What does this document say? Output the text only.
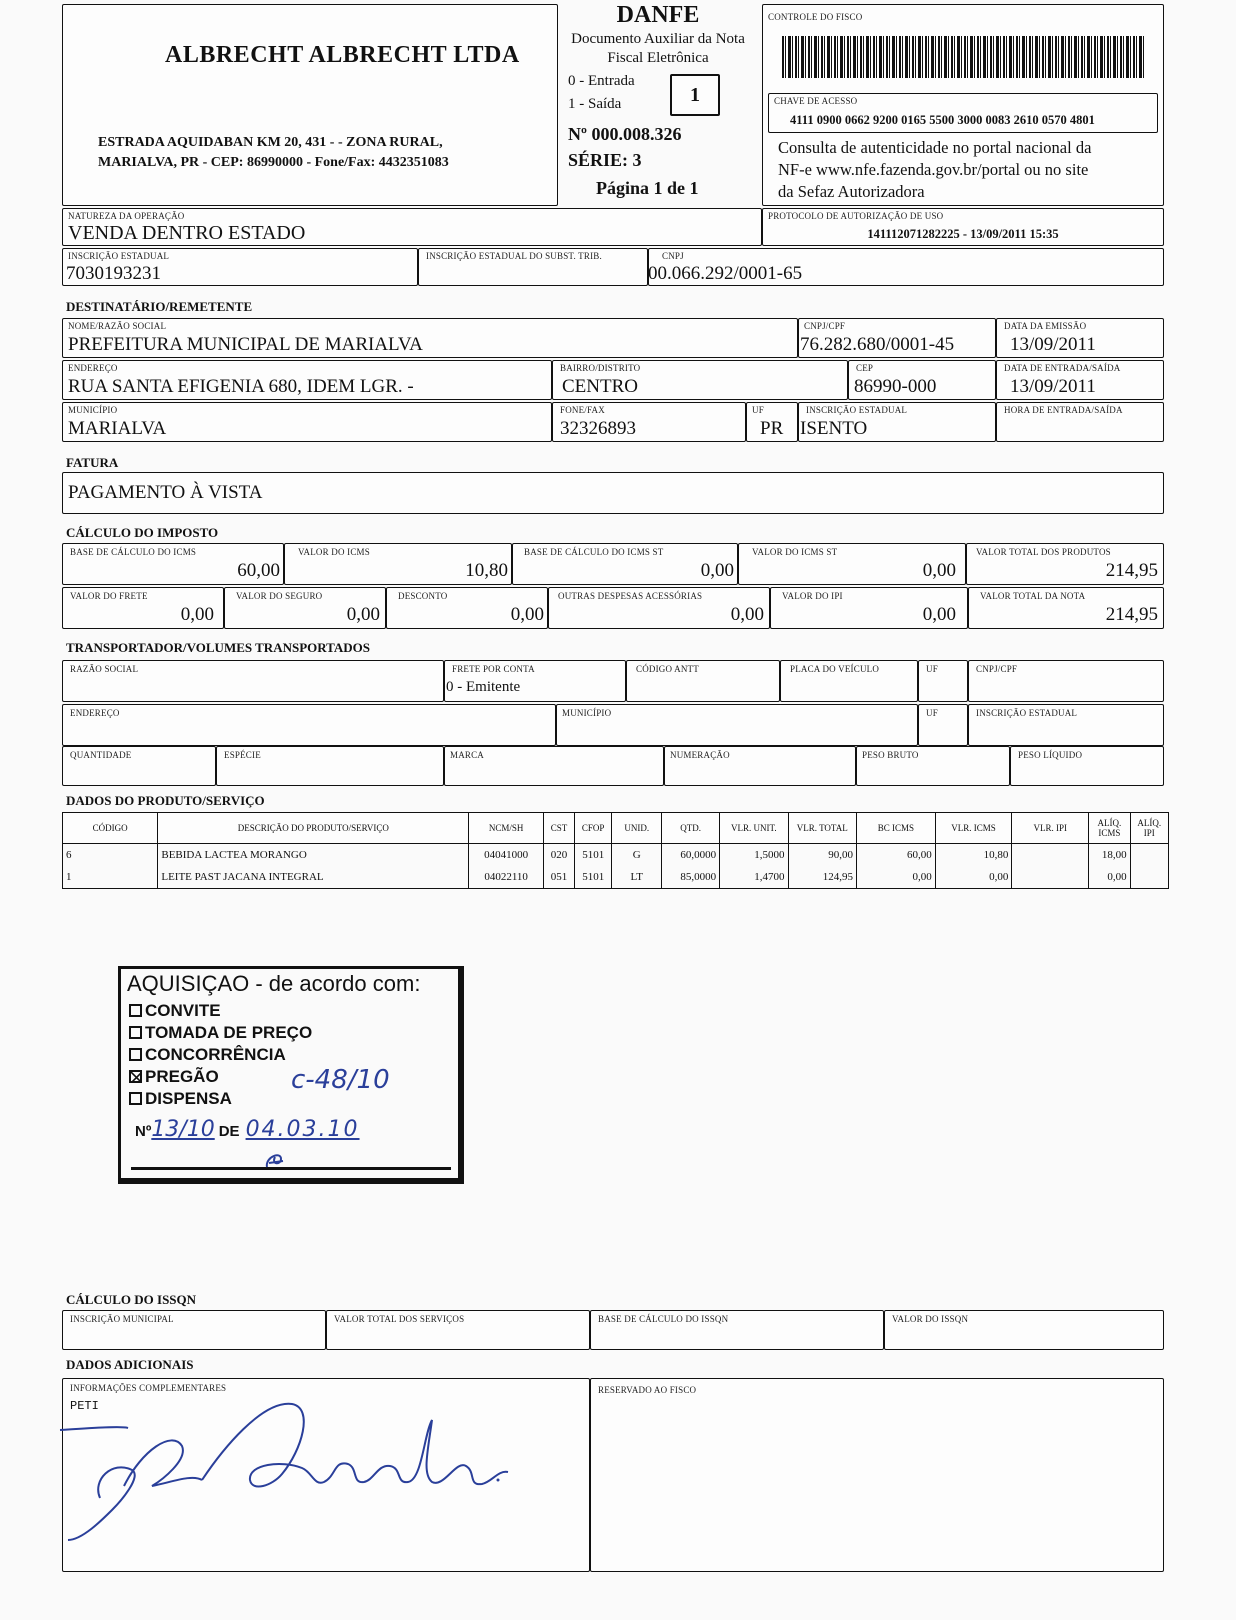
ALBRECHT ALBRECHT LTDA
ESTRADA AQUIDABAN KM 20, 431 - - ZONA RURAL,
MARIALVA, PR - CEP: 86990000 - Fone/Fax: 4432351083
DANFE
Documento Auxiliar da Nota
Fiscal Eletrônica
0 - Entrada
1 - Saída	1
Nº 000.008.326
SÉRIE: 3
Página 1 de 1
CONTROLE DO FISCO
CHAVE DE ACESSO
4111 0900 0662 9200 0165 5500 3000 0083 2610 0570 4801
Consulta de autenticidade no portal nacional da
NF-e www.nfe.fazenda.gov.br/portal ou no site
da Sefaz Autorizadora
NATUREZA DA OPERAÇÃO
VENDA DENTRO ESTADO
PROTOCOLO DE AUTORIZAÇÃO DE USO
141112071282225 - 13/09/2011 15:35
INSCRIÇÃO ESTADUAL
7030193231
INSCRIÇÃO ESTADUAL DO SUBST. TRIB.	CNPJ
00.066.292/0001-65
DESTINATÁRIO/REMETENTE
NOME/RAZÃO SOCIAL
PREFEITURA MUNICIPAL DE MARIALVA
CNPJ/CPF
76.282.680/0001-45
DATA DA EMISSÃO
13/09/2011
ENDEREÇO
RUA SANTA EFIGENIA 680, IDEM LGR. -
BAIRRO/DISTRITO
CENTRO
CEP
86990-000
DATA DE ENTRADA/SAÍDA
13/09/2011
MUNICÍPIO
MARIALVA
FONE/FAX
32326893
UF
PR
INSCRIÇÃO ESTADUAL
ISENTO
HORA DE ENTRADA/SAÍDA
FATURA
PAGAMENTO À VISTA
CÁLCULO DO IMPOSTO
BASE DE CÁLCULO DO ICMS
60,00
VALOR DO ICMS
10,80
BASE DE CÁLCULO DO ICMS ST
0,00
VALOR DO ICMS ST
0,00
VALOR TOTAL DOS PRODUTOS
214,95
VALOR DO FRETE
0,00
VALOR DO SEGURO
0,00
DESCONTO
0,00
OUTRAS DESPESAS ACESSÓRIAS
0,00
VALOR DO IPI
0,00
VALOR TOTAL DA NOTA
214,95
TRANSPORTADOR/VOLUMES TRANSPORTADOS
RAZÃO SOCIAL	FRETE POR CONTA
0 - Emitente
CÓDIGO ANTT	PLACA DO VEÍCULO	UF	CNPJ/CPF
ENDEREÇO	MUNICÍPIO	UF	INSCRIÇÃO ESTADUAL
QUANTIDADE	ESPÉCIE	MARCA	NUMERAÇÃO	PESO BRUTO	PESO LÍQUIDO
DADOS DO PRODUTO/SERVIÇO
CÓDIGO	DESCRIÇÃO DO PRODUTO/SERVIÇO	NCM/SH	CST	CFOP	UNID.	QTD.	VLR. UNIT.	VLR. TOTAL	BC ICMS	VLR. ICMS	VLR. IPI	ALÍQ. ICMS	ALÍQ. IPI
6	BEBIDA LACTEA MORANGO	04041000	020	5101	G	60,0000	1,5000	90,00	60,00	10,80		18,00	
1	LEITE PAST JACANA INTEGRAL	04022110	051	5101	LT	85,0000	1,4700	124,95	0,00	0,00		0,00	
AQUISIÇAO - de acordo com:
CONVITE
TOMADA DE PREÇO
CONCORRÊNCIA
PREGÃO
DISPENSA
c-48/10
Nº13/10 DE 04.03.10
CÁLCULO DO ISSQN
INSCRIÇÃO MUNICIPAL	VALOR TOTAL DOS SERVIÇOS	BASE DE CÁLCULO DO ISSQN	VALOR DO ISSQN
DADOS ADICIONAIS
INFORMAÇÕES COMPLEMENTARES
PETI
RESERVADO AO FISCO
